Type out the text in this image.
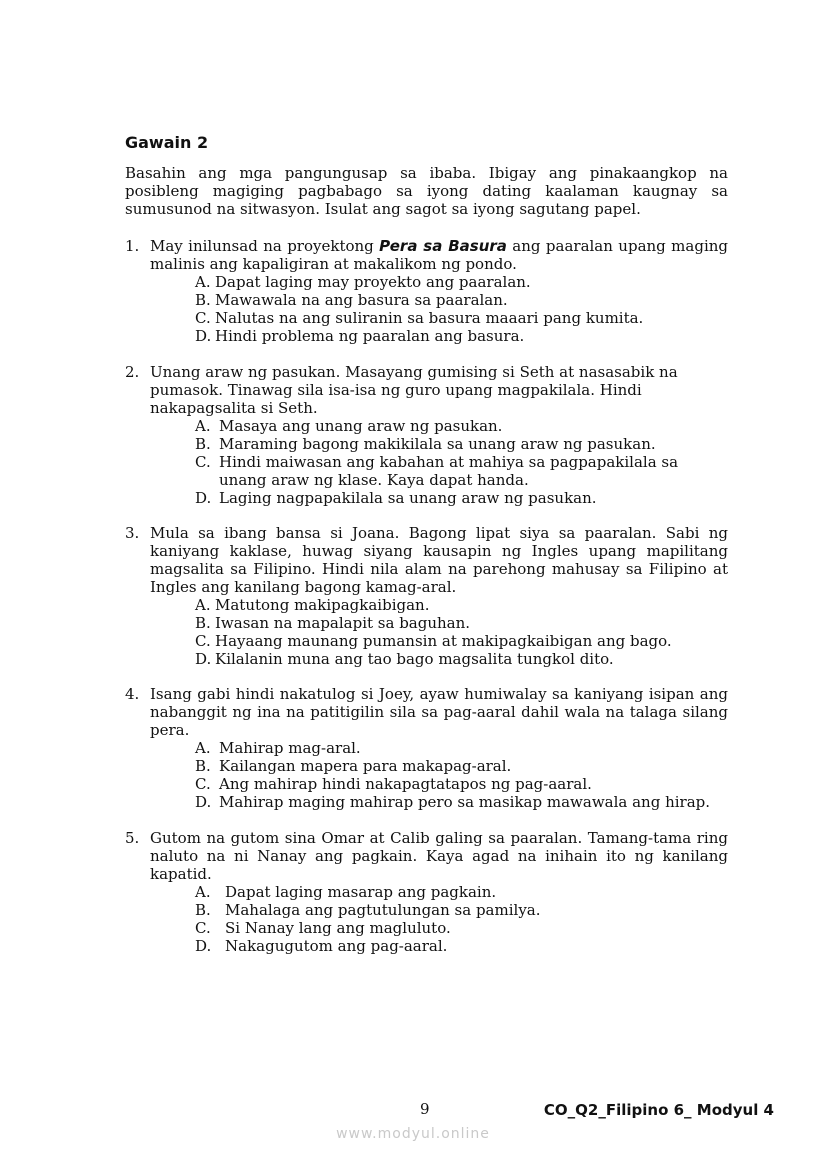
Gawain 2

Basahin ang mga pangungusap sa ibaba. Ibigay ang pinakaangkop na posibleng magiging pagbabago sa iyong dating kaalaman kaugnay sa sumusunod na sitwasyon. Isulat ang sagot sa iyong sagutang papel.

1. May inilunsad na proyektong Pera sa Basura ang paaralan upang maging malinis ang kapaligiran at makalikom ng pondo.
A. Dapat laging may proyekto ang paaralan.
B. Mawawala na ang basura sa paaralan.
C. Nalutas na ang suliranin sa basura maaari pang kumita.
D. Hindi problema ng paaralan ang basura.
2. Unang araw ng pasukan. Masayang gumising si Seth at nasasabik na pumasok. Tinawag sila isa-isa ng guro upang magpakilala. Hindi nakapagsalita si Seth.
A. Masaya ang unang araw ng pasukan.
B. Maraming bagong makikilala sa unang araw ng pasukan.
C. Hindi maiwasan ang kabahan at mahiya sa pagpapakilala sa unang araw ng klase. Kaya dapat handa.
D. Laging nagpapakilala sa unang araw ng pasukan.
3. Mula sa ibang bansa si Joana. Bagong lipat siya sa paaralan. Sabi ng kaniyang kaklase, huwag siyang kausapin ng Ingles upang mapilitang magsalita sa Filipino. Hindi nila alam na parehong mahusay sa Filipino at Ingles ang kanilang bagong kamag-aral.
A. Matutong makipagkaibigan.
B. Iwasan na mapalapit sa baguhan.
C. Hayaang maunang pumansin at makipagkaibigan ang bago.
D. Kilalanin muna ang tao bago magsalita tungkol dito.
4. Isang gabi hindi nakatulog si Joey, ayaw humiwalay sa kaniyang isipan ang nabanggit ng ina na patitigilin sila sa pag-aaral dahil wala na talaga silang pera.
A. Mahirap mag-aral.
B. Kailangan mapera para makapag-aral.
C. Ang mahirap hindi nakapagtatapos ng pag-aaral.
D. Mahirap maging mahirap pero sa masikap mawawala ang hirap.
5. Gutom na gutom sina Omar at Calib galing sa paaralan. Tamang-tama ring naluto na ni Nanay ang pagkain. Kaya agad na inihain ito ng kanilang kapatid.
A. Dapat laging masarap ang pagkain.
B. Mahalaga ang pagtutulungan sa pamilya.
C. Si Nanay lang ang magluluto.
D. Nakagugutom ang pag-aaral.
9	CO_Q2_Filipino 6_ Modyul 4
www.modyul.online
